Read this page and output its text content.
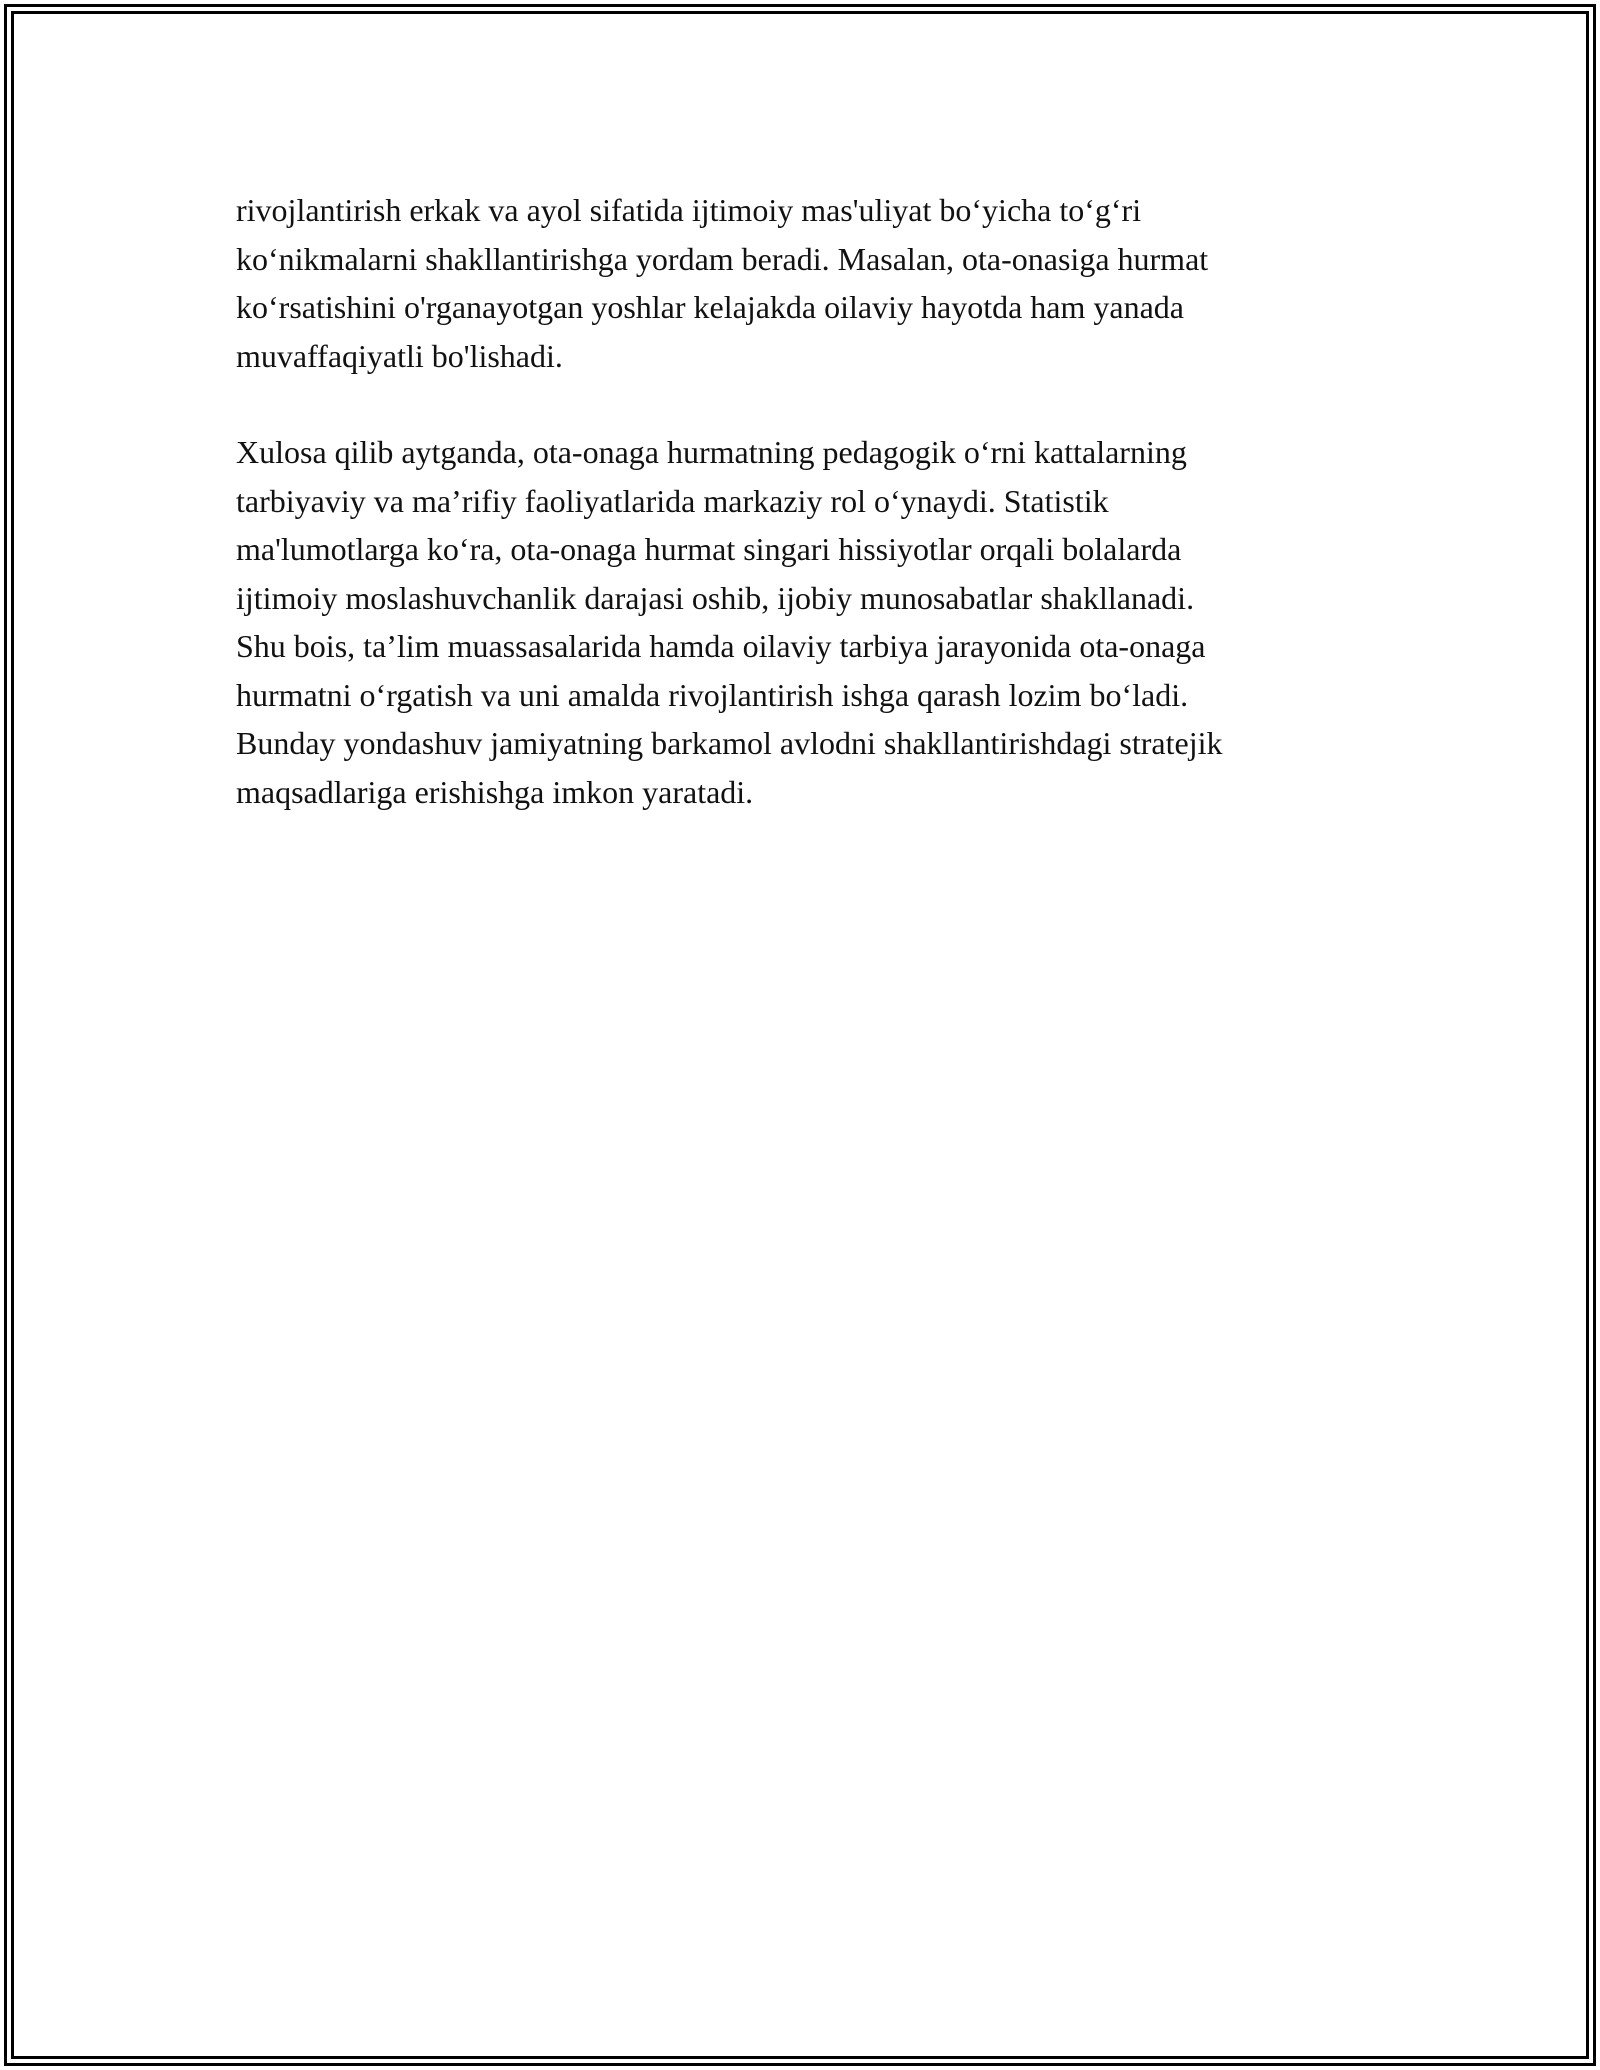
rivojlantirish erkak va ayol sifatida ijtimoiy mas'uliyat bo‘yicha to‘g‘ri
ko‘nikmalarni shakllantirishga yordam beradi. Masalan, ota-onasiga hurmat
ko‘rsatishini o'rganayotgan yoshlar kelajakda oilaviy hayotda ham yanada
muvaffaqiyatli bo'lishadi.

Xulosa qilib aytganda, ota-onaga hurmatning pedagogik o‘rni kattalarning
tarbiyaviy va ma’rifiy faoliyatlarida markaziy rol o‘ynaydi. Statistik
ma'lumotlarga ko‘ra, ota-onaga hurmat singari hissiyotlar orqali bolalarda
ijtimoiy moslashuvchanlik darajasi oshib, ijobiy munosabatlar shakllanadi.
Shu bois, ta’lim muassasalarida hamda oilaviy tarbiya jarayonida ota-onaga
hurmatni o‘rgatish va uni amalda rivojlantirish ishga qarash lozim bo‘ladi.
Bunday yondashuv jamiyatning barkamol avlodni shakllantirishdagi stratejik
maqsadlariga erishishga imkon yaratadi.
